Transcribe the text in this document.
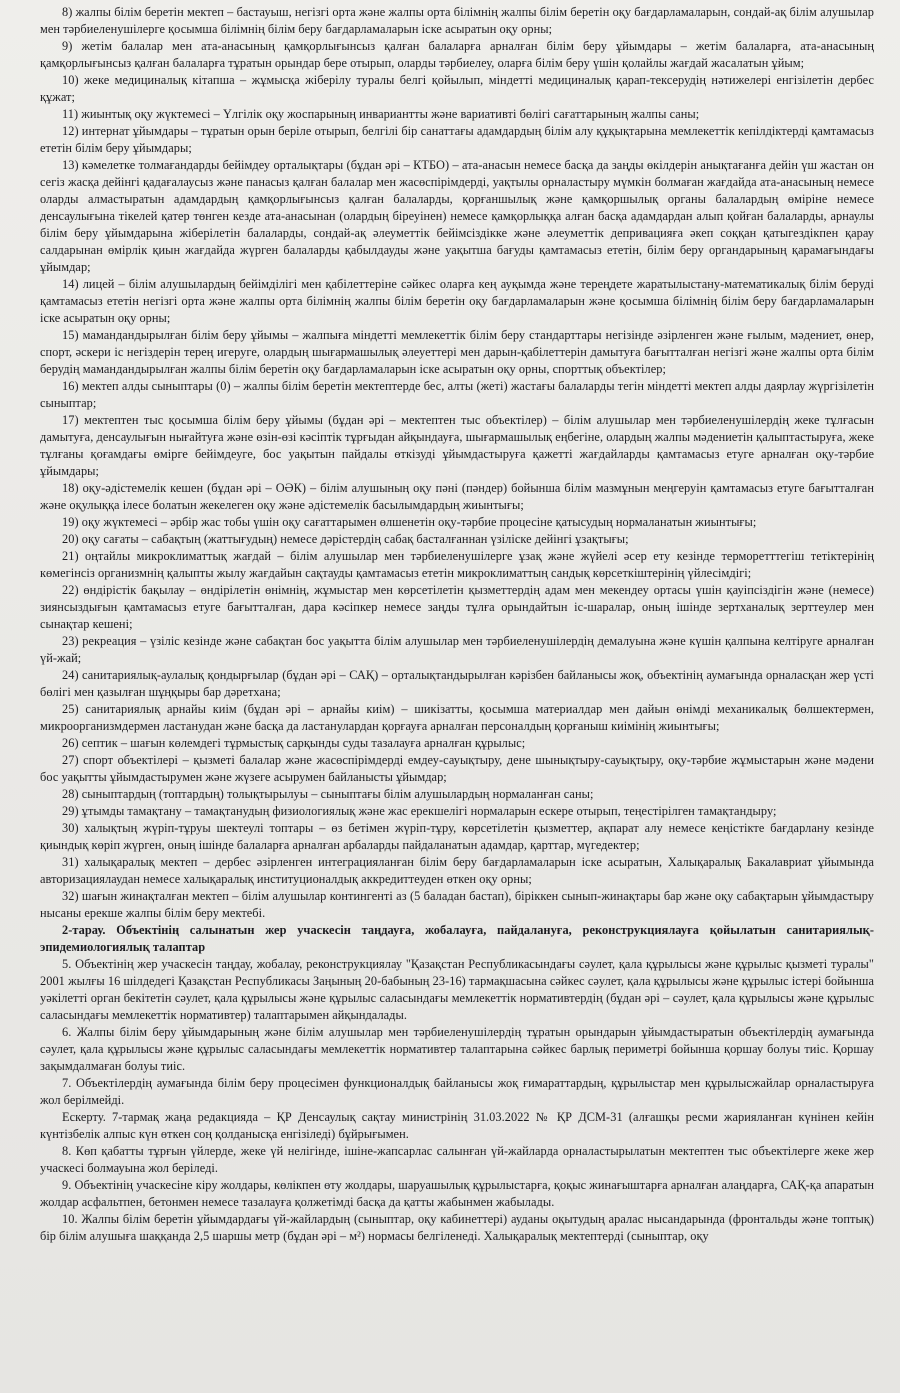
8) жалпы білім беретін мектеп – бастауыш, негізгі орта және жалпы орта білімнің жалпы білім беретін оқу бағдарламаларын, сондай-ақ білім алушылар мен тәрбиеленушілерге қосымша білімнің білім беру бағдарламаларын іске асыратын оқу орны;

9) жетім балалар мен ата-анасының қамқорлығынсыз қалған балаларға арналған білім беру ұйымдары – жетім балаларға, ата-анасының қамқорлығынсыз қалған балаларға тұратын орындар бере отырып, оларды тәрбиелеу, оларға білім беру үшін қолайлы жағдай жасалатын ұйым;

10) жеке медициналық кітапша – жұмысқа жіберілу туралы белгі қойылып, міндетті медициналық қарап-тексерудің нәтижелері енгізілетін дербес құжат;

11) жиынтық оқу жүктемесі – Үлгілік оқу жоспарының инвариантты және вариативті бөлігі сағаттарының жалпы саны;

12) интернат ұйымдары – тұратын орын беріле отырып, белгілі бір санаттағы адамдардың білім алу құқықтарына мемлекеттік кепілдіктерді қамтамасыз ететін білім беру ұйымдары;

13) кәмелетке толмағандарды бейімдеу орталықтары (бұдан әрі – КТБО) – ата-анасын немесе басқа да заңды өкілдерін анықтағанға дейін үш жастан он сегіз жасқа дейінгі қадағалаусыз және панасыз қалған балалар мен жасөспірімдерді, уақтылы орналастыру мүмкін болмаған жағдайда ата-анасының немесе оларды алмастыратын адамдардың қамқорлығынсыз қалған балаларды, қорғаншылық және қамқоршылық органы балалардың өміріне немесе денсаулығына тікелей қатер төнген кезде ата-анасынан (олардың біреуінен) немесе қамқорлыққа алған басқа адамдардан алып қойған балаларды, арнаулы білім беру ұйымдарына жіберілетін балаларды, сондай-ақ әлеуметтік бейімсіздікке және әлеуметтік депривацияға әкеп соққан қатыгездікпен қарау салдарынан өмірлік қиын жағдайда жүрген балаларды қабылдауды және уақытша бағуды қамтамасыз ететін, білім беру органдарының қарамағындағы ұйымдар;

14) лицей – білім алушылардың бейімділігі мен қабілеттеріне сәйкес оларға кең ауқымда және тереңдете жаратылыстану-математикалық білім беруді қамтамасыз ететін негізгі орта және жалпы орта білімнің жалпы білім беретін оқу бағдарламаларын және қосымша білімнің білім беру бағдарламаларын іске асыратын оқу орны;

15) мамандандырылған білім беру ұйымы – жалпыға міндетті мемлекеттік білім беру стандарттары негізінде әзірленген және ғылым, мәдениет, өнер, спорт, әскери іс негіздерін терең игеруге, олардың шығармашылық әлеуеттері мен дарын-қабілеттерін дамытуға бағытталған негізгі және жалпы орта білім берудің мамандандырылған жалпы білім беретін оқу бағдарламаларын іске асыратын оқу орны, спорттық объектілер;

16) мектеп алды сыныптары (0) – жалпы білім беретін мектептерде бес, алты (жеті) жастағы балаларды тегін міндетті мектеп алды даярлау жүргізілетін сыныптар;

17) мектептен тыс қосымша білім беру ұйымы (бұдан әрі – мектептен тыс объектілер) – білім алушылар мен тәрбиеленушілердің жеке тұлғасын дамытуға, денсаулығын нығайтуға және өзін-өзі кәсіптік тұрғыдан айқындауға, шығармашылық еңбегіне, олардың жалпы мәдениетін қалыптастыруға, жеке тұлғаны қоғамдағы өмірге бейімдеуге, бос уақытын пайдалы өткізуді ұйымдастыруға қажетті жағдайларды қамтамасыз етуге арналған оқу-тәрбие ұйымдары;

18) оқу-әдістемелік кешен (бұдан әрі – ОӘК) – білім алушының оқу пәні (пәндер) бойынша білім мазмұнын меңгеруін қамтамасыз етуге бағытталған және оқулыққа ілесе болатын жекелеген оқу және әдістемелік басылымдардың жиынтығы;

19) оқу жүктемесі – әрбір жас тобы үшін оқу сағаттарымен өлшенетін оқу-тәрбие процесіне қатысудың нормаланатын жиынтығы;

20) оқу сағаты – сабақтың (жаттығудың) немесе дәрістердің сабақ басталғаннан үзіліске дейінгі ұзақтығы;

21) оңтайлы микроклиматтық жағдай – білім алушылар мен тәрбиеленушілерге ұзақ және жүйелі әсер ету кезінде терморетттегіш тетіктерінің көмегінсіз организмнің қалыпты жылу жағдайын сақтауды қамтамасыз ететін микроклиматтың сандық көрсеткіштерінің үйлесімдігі;

22) өндірістік бақылау – өндірілетін өнімнің, жұмыстар мен көрсетілетін қызметтердің адам мен мекендеу ортасы үшін қауіпсіздігін және (немесе) зиянсыздығын қамтамасыз етуге бағытталған, дара кәсіпкер немесе заңды тұлға орындайтын іс-шаралар, оның ішінде зертханалық зерттеулер мен сынақтар кешені;

23) рекреация – үзіліс кезінде және сабақтан бос уақытта білім алушылар мен тәрбиеленушілердің демалуына және күшін қалпына келтіруге арналған үй-жай;

24) санитариялық-аулалық қондырғылар (бұдан әрі – САҚ) – орталықтандырылған кәрізбен байланысы жоқ, объектінің аумағында орналасқан жер үсті бөлігі мен қазылған шұңқыры бар дәретхана;

25) санитариялық арнайы киім (бұдан әрі – арнайы киім) – шикізатты, қосымша материалдар мен дайын өнімді механикалық бөлшектермен, микроорганизмдермен ластанудан және басқа да ластанулардан қорғауға арналған персоналдың қорғаныш киімінің жиынтығы;

26) септик – шағын көлемдегі тұрмыстық сарқынды суды тазалауға арналған құрылыс;

27) спорт объектілері – қызметі балалар және жасөспірімдерді емдеу-сауықтыру, дене шынықтыру-сауықтыру, оқу-тәрбие жұмыстарын және мәдени бос уақытты ұйымдастырумен және жүзеге асырумен байланысты ұйымдар;

28) сыныптардың (топтардың) толықтырылуы – сыныптағы білім алушылардың нормаланған саны;

29) ұтымды тамақтану – тамақтанудың физиологиялық және жас ерекшелігі нормаларын ескере отырып, теңестірілген тамақтандыру;

30) халықтың жүріп-тұруы шектеулі топтары – өз бетімен жүріп-тұру, көрсетілетін қызметтер, ақпарат алу немесе кеңістікте бағдарлану кезінде қиындық көріп жүрген, оның ішінде балаларға арналған арбаларды пайдаланатын адамдар, қарттар, мүгедектер;

31) халықаралық мектеп – дербес әзірленген интеграцияланған білім беру бағдарламаларын іске асыратын, Халықаралық Бакалавриат ұйымында авторизациялаудан немесе халықаралық институционалдық аккредиттеуден өткен оқу орны;

32) шағын жинақталған мектеп – білім алушылар контингенті аз (5 баладан бастап), біріккен сынып-жинақтары бар және оқу сабақтарын ұйымдастыру нысаны ерекше жалпы білім беру мектебі.

2-тарау. Объектінің салынатын жер учаскесін таңдауға, жобалауға, пайдалануға, реконструкциялауға қойылатын санитариялық-эпидемиологиялық талаптар

5. Объектінің жер учаскесін таңдау, жобалау, реконструкциялау "Қазақстан Республикасындағы сәулет, қала құрылысы және құрылыс қызметі туралы" 2001 жылғы 16 шілдедегі Қазақстан Республикасы Заңының 20-бабының 23-16) тармақшасына сәйкес сәулет, қала құрылысы және құрылыс істері бойынша уәкілетті орган бекітетін сәулет, қала құрылысы және құрылыс саласындағы мемлекеттік нормативтердің (бұдан әрі – сәулет, қала құрылысы және құрылыс саласындағы мемлекеттік нормативтер) талаптарымен айқындалады.

6. Жалпы білім беру ұйымдарының және білім алушылар мен тәрбиеленушілердің тұратын орындарын ұйымдастыратын объектілердің аумағында сәулет, қала құрылысы және құрылыс саласындағы мемлекеттік нормативтер талаптарына сәйкес барлық периметрі бойынша қоршау болуы тиіс. Қоршау зақымдалмаған болуы тиіс.

7. Объектілердің аумағында білім беру процесімен функционалдық байланысы жоқ ғимараттардың, құрылыстар мен құрылысжайлар орналастыруға жол берілмейді.

Ескерту. 7-тармақ жаңа редакцияда – ҚР Денсаулық сақтау министрінің 31.03.2022 № ҚР ДСМ-31 (алғашқы ресми жарияланған күнінен кейін күнтізбелік алпыс күн өткен соң қолданысқа енгізіледі) бұйрығымен.

8. Көп қабатты тұрғын үйлерде, жеке үй нелігінде, ішіне-жапсарлас салынған үй-жайларда орналастырылатын мектептен тыс объектілерге жеке жер учаскесі болмауына жол беріледі.

9. Объектінің учаскесіне кіру жолдары, көлікпен өту жолдары, шаруашылық құрылыстарға, қоқыс жинағыштарға арналған алаңдарға, САҚ-қа апаратын жолдар асфальтпен, бетонмен немесе тазалауға қолжетімді басқа да қатты жабынмен жабылады.

10. Жалпы білім беретін ұйымдардағы үй-жайлардың (сыныптар, оқу кабинеттері) ауданы оқытудың аралас нысандарында (фронтальды және топтық) бір білім алушыға шаққанда 2,5 шаршы метр (бұдан әрі – м²) нормасы белгіленеді. Халықаралық мектептерді (сыныптар, оқу
